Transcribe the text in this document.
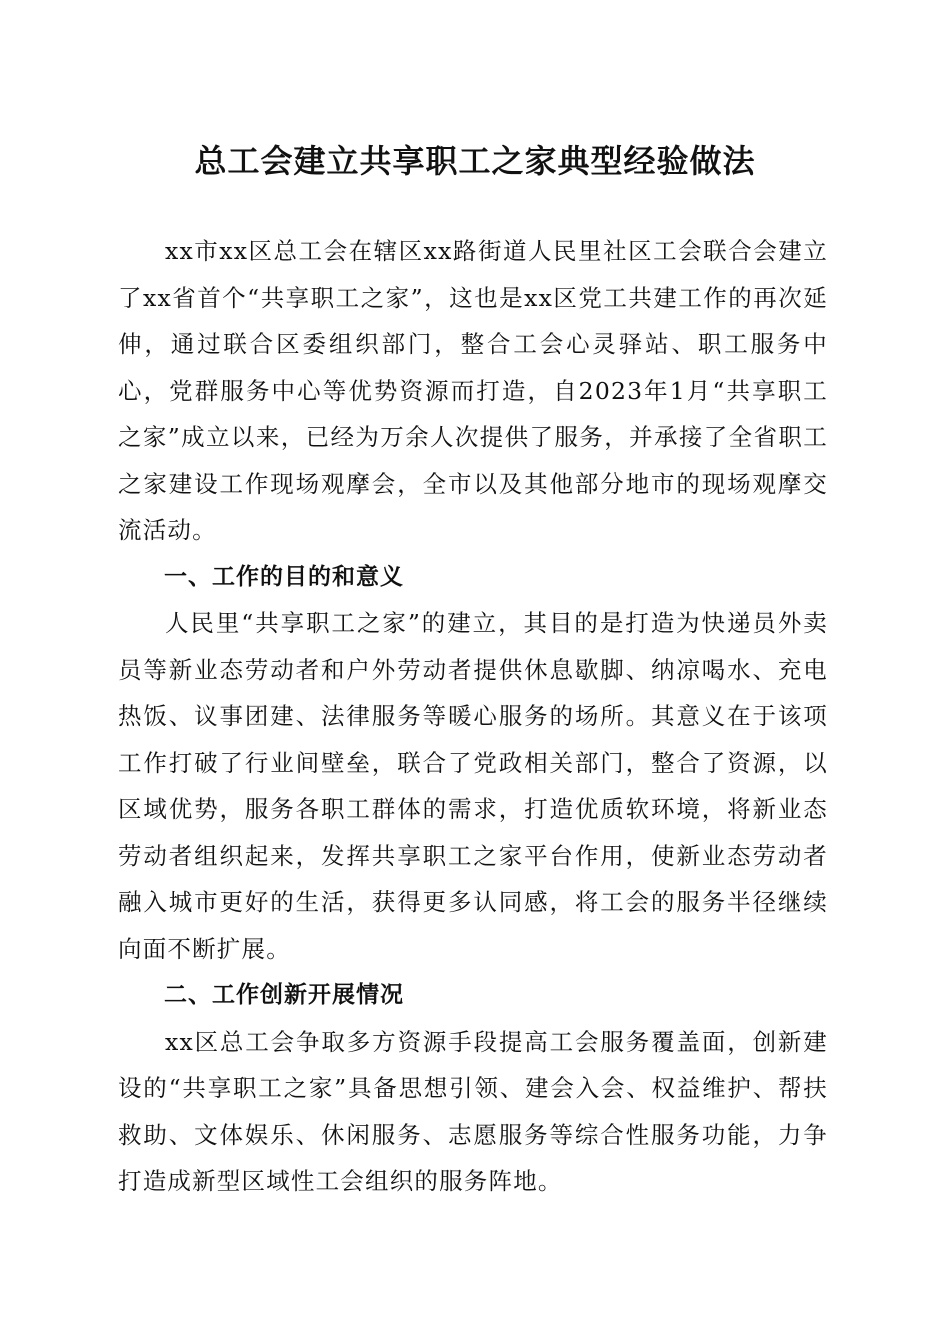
总工会建立共享职工之家典型经验做法

xx市xx区总工会在辖区xx路街道人民里社区工会联合会建立了xx省首个“共享职工之家”，这也是xx区党工共建工作的再次延伸，通过联合区委组织部门，整合工会心灵驿站、职工服务中心，党群服务中心等优势资源而打造，自2023年1月“共享职工之家”成立以来，已经为万余人次提供了服务，并承接了全省职工之家建设工作现场观摩会，全市以及其他部分地市的现场观摩交流活动。

一、工作的目的和意义

人民里“共享职工之家”的建立，其目的是打造为快递员外卖员等新业态劳动者和户外劳动者提供休息歇脚、纳凉喝水、充电热饭、议事团建、法律服务等暖心服务的场所。其意义在于该项工作打破了行业间壁垒，联合了党政相关部门，整合了资源，以区域优势，服务各职工群体的需求，打造优质软环境，将新业态劳动者组织起来，发挥共享职工之家平台作用，使新业态劳动者融入城市更好的生活，获得更多认同感，将工会的服务半径继续向面不断扩展。

二、工作创新开展情况

xx区总工会争取多方资源手段提高工会服务覆盖面，创新建设的“共享职工之家”具备思想引领、建会入会、权益维护、帮扶救助、文体娱乐、休闲服务、志愿服务等综合性服务功能，力争打造成新型区域性工会组织的服务阵地。
